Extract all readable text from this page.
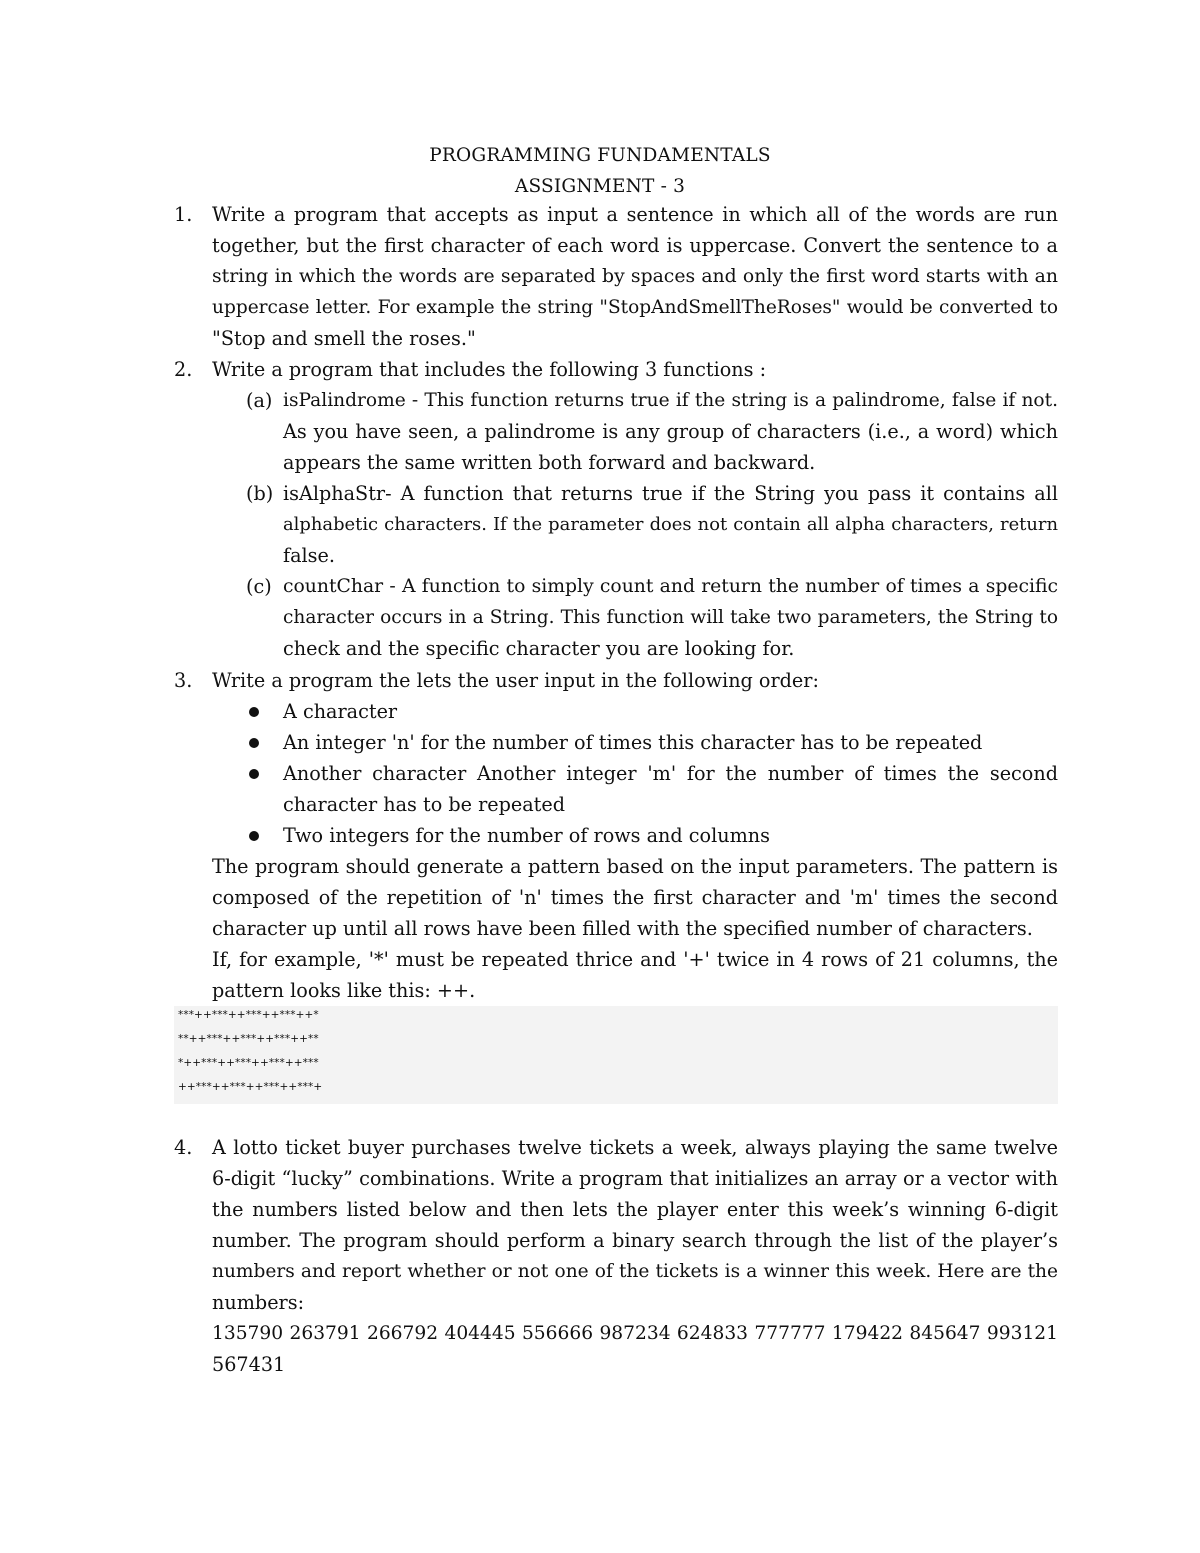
PROGRAMMING FUNDAMENTALS
ASSIGNMENT - 3
1.	Write a program that accepts as input a sentence in which all of the words are run
together, but the first character of each word is uppercase. Convert the sentence to a
string in which the words are separated by spaces and only the first word starts with an
uppercase letter. For example the string "StopAndSmellTheRoses" would be converted to
"Stop and smell the roses."
2.	Write a program that includes the following 3 functions :
(a) isPalindrome - This function returns true if the string is a palindrome, false if not.
As you have seen, a palindrome is any group of characters (i.e., a word) which
appears the same written both forward and backward.
(b) isAlphaStr- A function that returns true if the String you pass it contains all
alphabetic characters. If the parameter does not contain all alpha characters, return
false.
(c) countChar - A function to simply count and return the number of times a specific
character occurs in a String. This function will take two parameters, the String to
check and the specific character you are looking for.
3.	Write a program the lets the user input in the following order:
A character
An integer 'n' for the number of times this character has to be repeated
Another character Another integer 'm' for the number of times the second
character has to be repeated
Two integers for the number of rows and columns
The program should generate a pattern based on the input parameters. The pattern is
composed of the repetition of 'n' times the first character and 'm' times the second
character up until all rows have been filled with the specified number of characters.
If, for example, '*' must be repeated thrice and '+' twice in 4 rows of 21 columns, the
pattern looks like this: ++.
***++***++***++***++*
**++***++***++***++**
*++***++***++***++***
++***++***++***++***+
4.	A lotto ticket buyer purchases twelve tickets a week, always playing the same twelve
6-digit “lucky” combinations. Write a program that initializes an array or a vector with
the numbers listed below and then lets the player enter this week’s winning 6-digit
number. The program should perform a binary search through the list of the player’s
numbers and report whether or not one of the tickets is a winner this week. Here are the
numbers:
135790 263791 266792 404445 556666 987234 624833 777777 179422 845647 993121
567431
